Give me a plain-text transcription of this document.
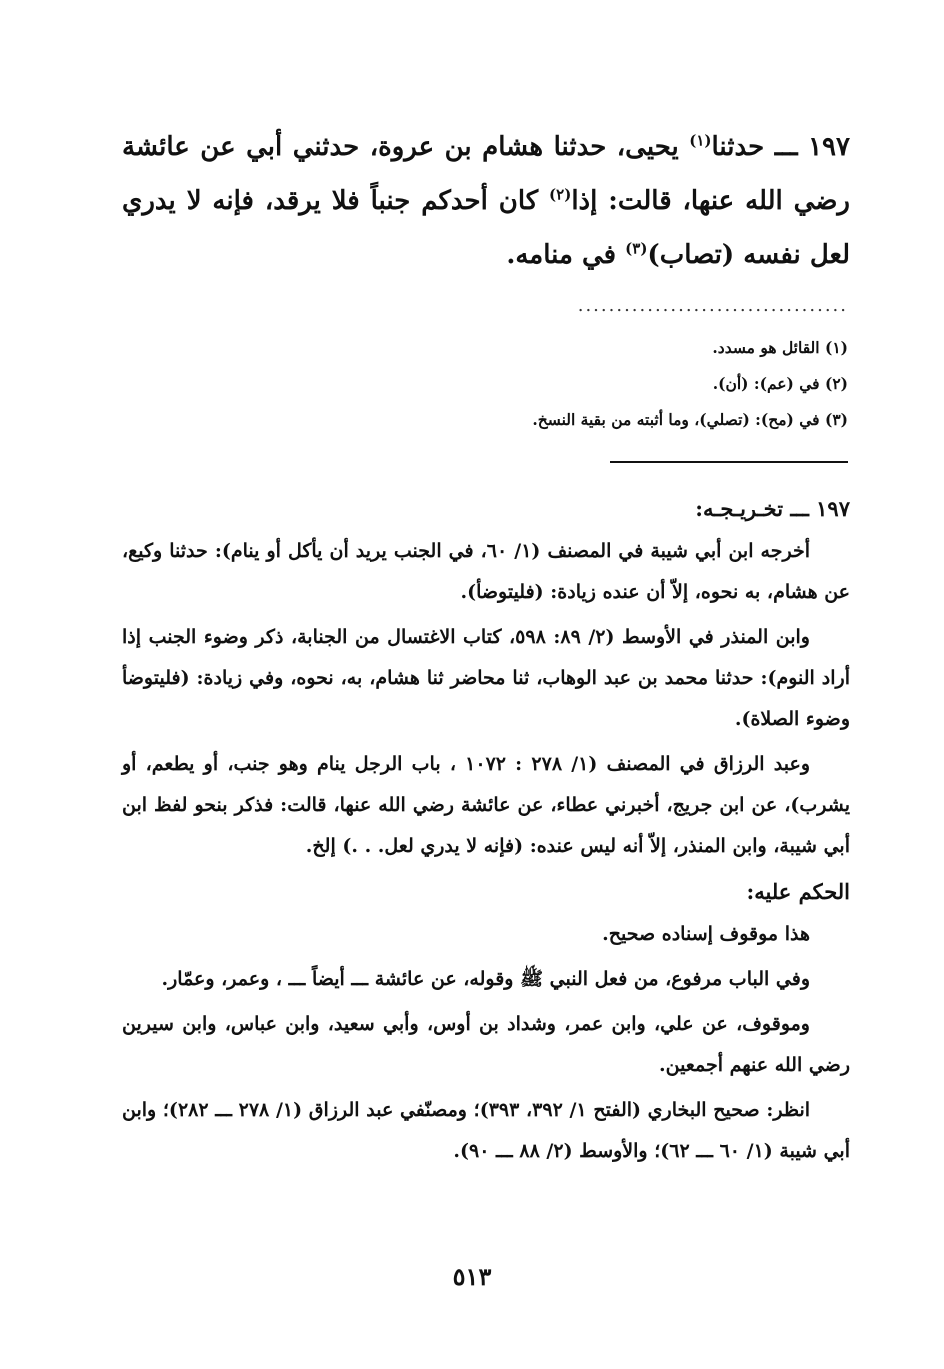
١٩٧ ـــ حدثنا$^{(١)}$ يحيى، حدثنا هشام بن عروة، حدثني أبي عن عائشة رضي الله عنها، قالت: إذا$^{(٢)}$ كان أحدكم جنباً فلا يرقد، فإنه لا يدري لعل نفسه (تصاب)$^{(٣)}$ في منامه.
...................................
(١) القائل هو مسدد.
(٢) في (عم): (أن).
(٣) في (مح): (تصلي)، وما أثبته من بقية النسخ.

١٩٧ ـــ تخـريـجـه:

أخرجه ابن أبي شيبة في المصنف (١/ ٦٠، في الجنب يريد أن يأكل أو ينام): حدثنا وكيع، عن هشام، به نحوه، إلاّ أن عنده زيادة: (فليتوضأ).

وابن المنذر في الأوسط (٢/ ٨٩: ٥٩٨، كتاب الاغتسال من الجنابة، ذكر وضوء الجنب إذا أراد النوم): حدثنا محمد بن عبد الوهاب، ثنا محاضر ثنا هشام، به، نحوه، وفي زيادة: (فليتوضأ وضوء الصلاة).

وعبد الرزاق في المصنف (١/ ٢٧٨ : ١٠٧٢ ، باب الرجل ينام وهو جنب، أو يطعم، أو يشرب)، عن ابن جريج، أخبرني عطاء، عن عائشة رضي الله عنها، قالت: فذكر بنحو لفظ ابن أبي شيبة، وابن المنذر، إلاّ أنه ليس عنده: (فإنه لا يدري لعل. . .) إلخ.

الحكم عليه:

هذا موقوف إسناده صحيح.

وفي الباب مرفوع، من فعل النبي ﷺ وقوله، عن عائشة ـــ أيضاً ـــ ، وعمر، وعمّار.

وموقوف، عن علي، وابن عمر، وشداد بن أوس، وأبي سعيد، وابن عباس، وابن سيرين رضي الله عنهم أجمعين.

انظر: صحيح البخاري (الفتح ١/ ٣٩٢، ٣٩٣)؛ ومصنّفي عبد الرزاق (١/ ٢٧٨ ـــ ٢٨٢)؛ وابن أبي شيبة (١/ ٦٠ ـــ ٦٢)؛ والأوسط (٢/ ٨٨ ـــ ٩٠).

٥١٣
